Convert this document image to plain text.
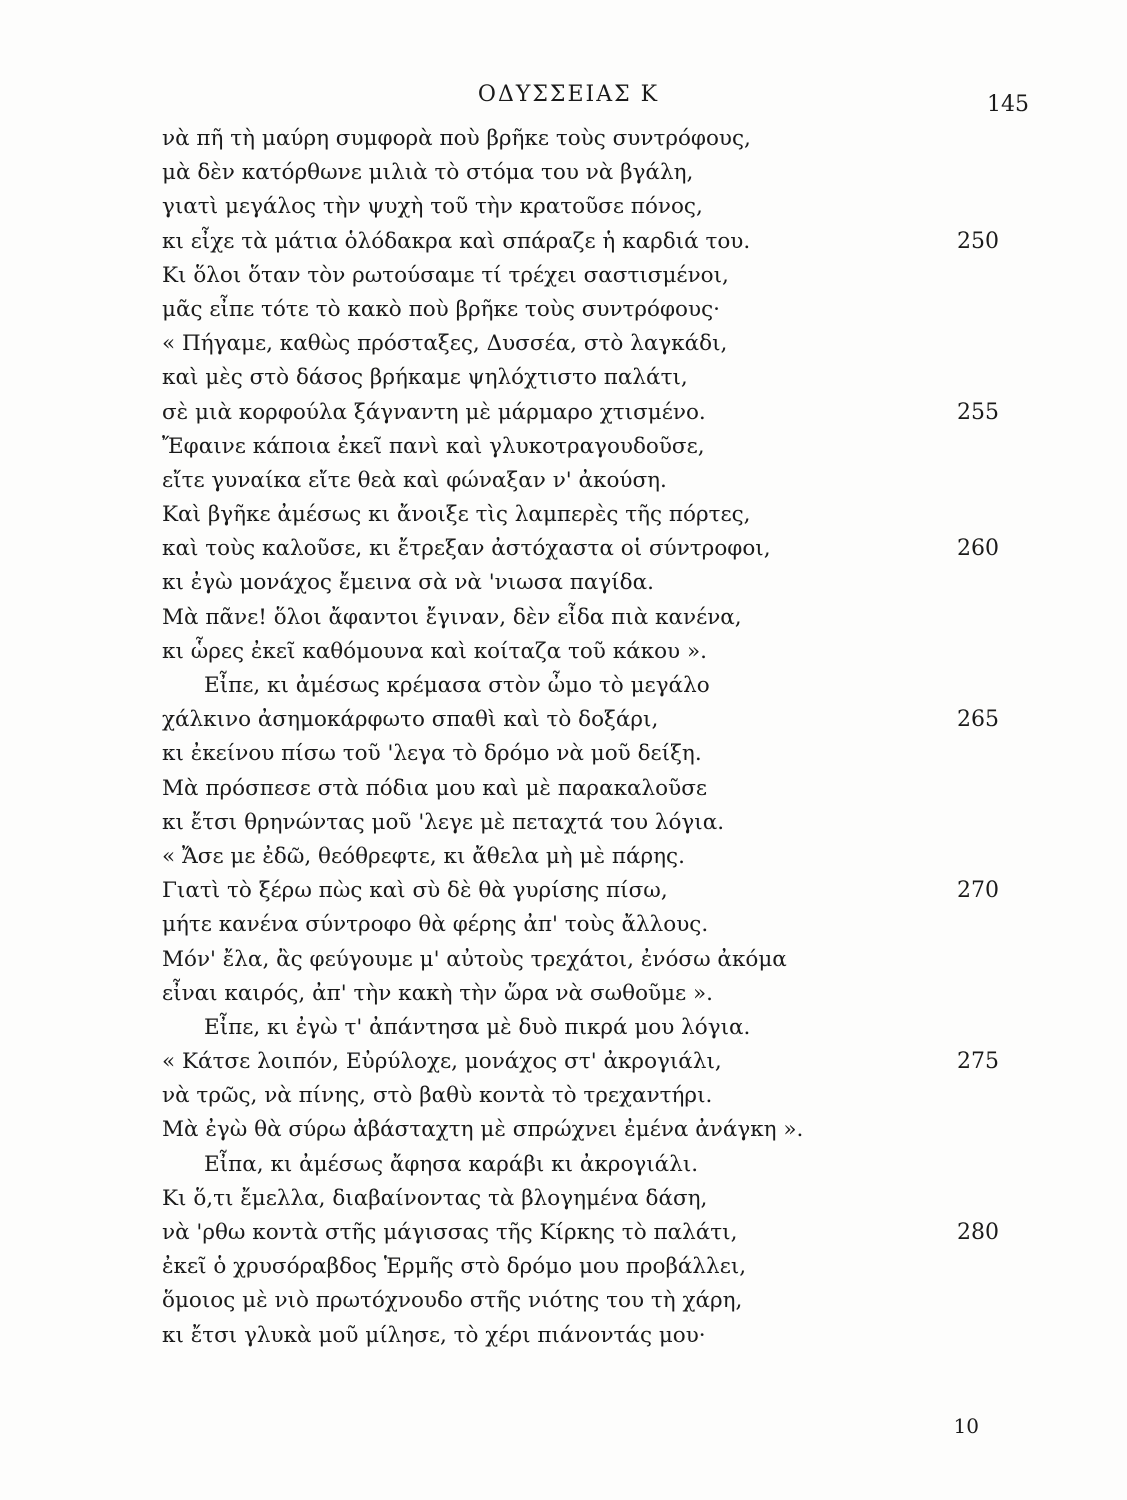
ΟΔΥΣΣΕΙΑΣ Κ	145
νὰ πῆ τὴ μαύρη συμφορὰ ποὺ βρῆκε τοὺς συντρόφους,
μὰ δὲν κατόρθωνε μιλιὰ τὸ στόμα του νὰ βγάλη,
γιατὶ μεγάλος τὴν ψυχὴ τοῦ τὴν κρατοῦσε πόνος,
κι εἶχε τὰ μάτια ὁλόδακρα καὶ σπάραζε ἡ καρδιά του.	250
Κι ὅλοι ὅταν τὸν ρωτούσαμε τί τρέχει σαστισμένοι,
μᾶς εἶπε τότε τὸ κακὸ ποὺ βρῆκε τοὺς συντρόφους·
« Πήγαμε, καθὼς πρόσταξες, Δυσσέα, στὸ λαγκάδι,
καὶ μὲς στὸ δάσος βρήκαμε ψηλόχτιστο παλάτι,
σὲ μιὰ κορφούλα ξάγναντη μὲ μάρμαρο χτισμένο.	255
Ἔφαινε κάποια ἐκεῖ πανὶ καὶ γλυκοτραγουδοῦσε,
εἴτε γυναίκα εἴτε θεὰ καὶ φώναξαν ν' ἀκούση.
Καὶ βγῆκε ἀμέσως κι ἄνοιξε τὶς λαμπερὲς τῆς πόρτες,
καὶ τοὺς καλοῦσε, κι ἔτρεξαν ἀστόχαστα οἱ σύντροφοι,	260
κι ἐγὼ μονάχος ἔμεινα σὰ νὰ 'νιωσα παγίδα.
Μὰ πᾶνε! ὅλοι ἄφαντοι ἔγιναν, δὲν εἶδα πιὰ κανένα,
κι ὧρες ἐκεῖ καθόμουνα καὶ κοίταζα τοῦ κάκου ».
Εἶπε, κι ἀμέσως κρέμασα στὸν ὦμο τὸ μεγάλο
χάλκινο ἀσημοκάρφωτο σπαθὶ καὶ τὸ δοξάρι,	265
κι ἐκείνου πίσω τοῦ 'λεγα τὸ δρόμο νὰ μοῦ δείξη.
Μὰ πρόσπεσε στὰ πόδια μου καὶ μὲ παρακαλοῦσε
κι ἔτσι θρηνώντας μοῦ 'λεγε μὲ πεταχτά του λόγια.
« Ἄσε με ἐδῶ, θεόθρεφτε, κι ἄθελα μὴ μὲ πάρης.
Γιατὶ τὸ ξέρω πὼς καὶ σὺ δὲ θὰ γυρίσης πίσω,	270
μήτε κανένα σύντροφο θὰ φέρης ἀπ' τοὺς ἄλλους.
Μόν' ἔλα, ἂς φεύγουμε μ' αὐτοὺς τρεχάτοι, ἐνόσω ἀκόμα
εἶναι καιρός, ἀπ' τὴν κακὴ τὴν ὥρα νὰ σωθοῦμε ».
Εἶπε, κι ἐγὼ τ' ἀπάντησα μὲ δυὸ πικρά μου λόγια.
« Κάτσε λοιπόν, Εὐρύλοχε, μονάχος στ' ἀκρογιάλι,	275
νὰ τρῶς, νὰ πίνης, στὸ βαθὺ κοντὰ τὸ τρεχαντήρι.
Μὰ ἐγὼ θὰ σύρω ἀβάσταχτη μὲ σπρώχνει ἐμένα ἀνάγκη ».
Εἶπα, κι ἀμέσως ἄφησα καράβι κι ἀκρογιάλι.
Κι ὅ,τι ἔμελλα, διαβαίνοντας τὰ βλογημένα δάση,
νὰ 'ρθω κοντὰ στῆς μάγισσας τῆς Κίρκης τὸ παλάτι,	280
ἐκεῖ ὁ χρυσόραβδος Ἑρμῆς στὸ δρόμο μου προβάλλει,
ὅμοιος μὲ νιὸ πρωτόχνουδο στῆς νιότης του τὴ χάρη,
κι ἔτσι γλυκὰ μοῦ μίλησε, τὸ χέρι πιάνοντάς μου·
10
